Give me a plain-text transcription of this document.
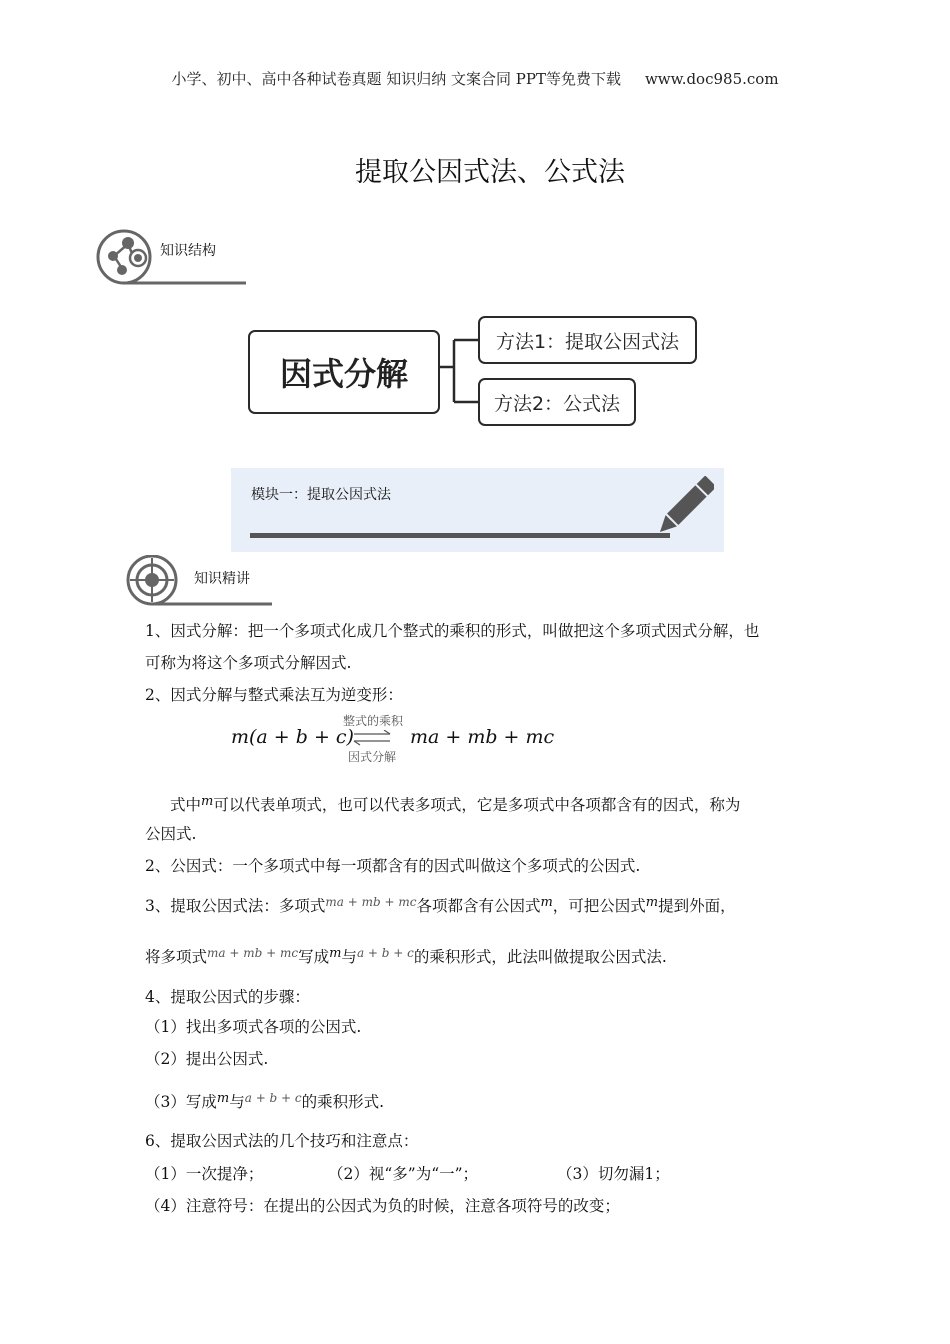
小学、初中、高中各种试卷真题 知识归纳 文案合同 PPT等免费下载 www.doc985.com
提取公因式法、公式法
知识结构
因式分解
方法1：提取公因式法
方法2：公式法
模块一：提取公因式法
知识精讲
1、因式分解：把一个多项式化成几个整式的乘积的形式，叫做把这个多项式因式分解，也
可称为将这个多项式分解因式.
2、因式分解与整式乘法互为逆变形：
m(a + b + c)
整式的乘积
因式分解
ma + mb + mc
式中$^m$可以代表单项式，也可以代表多项式，它是多项式中各项都含有的因式，称为
公因式.
2、公因式：一个多项式中每一项都含有的因式叫做这个多项式的公因式.
3、提取公因式法：多项式$^{ma + mb + mc}$各项都含有公因式$^m$，可把公因式$^m$提到外面，
将多项式$^{ma + mb + mc}$写成$^m$与$^{a + b + c}$的乘积形式，此法叫做提取公因式法.
4、提取公因式的步骤：
（1）找出多项式各项的公因式.
（2）提出公因式.
（3）写成$^m$与$^{a + b + c}$的乘积形式.
6、提取公因式法的几个技巧和注意点：
（1）一次提净；	（2）视“多”为“一”；	（3）切勿漏1；
（4）注意符号：在提出的公因式为负的时候，注意各项符号的改变；
